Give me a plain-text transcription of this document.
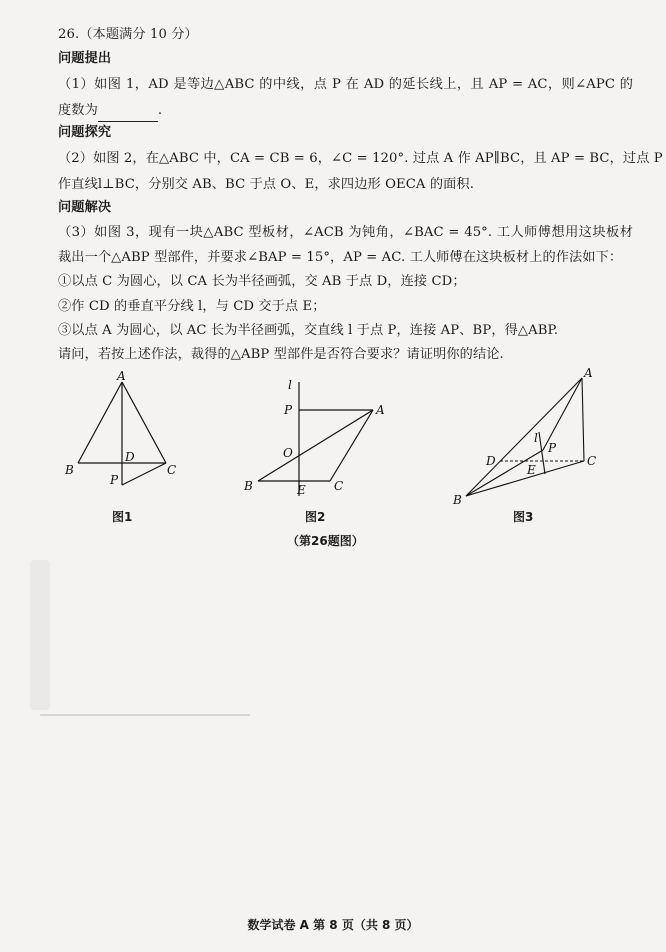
26.（本题满分 10 分）
问题提出
（1）如图 1，AD 是等边△ABC 的中线，点 P 在 AD 的延长线上，且 AP = AC，则∠APC 的
度数为	.
问题探究
（2）如图 2，在△ABC 中，CA = CB = 6，∠C = 120°. 过点 A 作 AP∥BC，且 AP = BC，过点 P
作直线l⊥BC，分别交 AB、BC 于点 O、E，求四边形 OECA 的面积.
问题解决
（3）如图 3，现有一块△ABC 型板材，∠ACB 为钝角，∠BAC = 45°. 工人师傅想用这块板材
裁出一个△ABP 型部件，并要求∠BAP = 15°，AP = AC. 工人师傅在这块板材上的作法如下：
①以点 C 为圆心，以 CA 长为半径画弧，交 AB 于点 D，连接 CD；
②作 CD 的垂直平分线 l，与 CD 交于点 E；
③以点 A 为圆心，以 AC 长为半径画弧，交直线 l 于点 P，连接 AP、BP，得△ABP.
请问，若按上述作法，裁得的△ABP 型部件是否符合要求？请证明你的结论.
A
B
D
C
P
图1
l
P	A
O
B	E C
图2
A
l
P
D
E
C
B
图3
（第26题图）
数学试卷 A 第 8 页（共 8 页）
